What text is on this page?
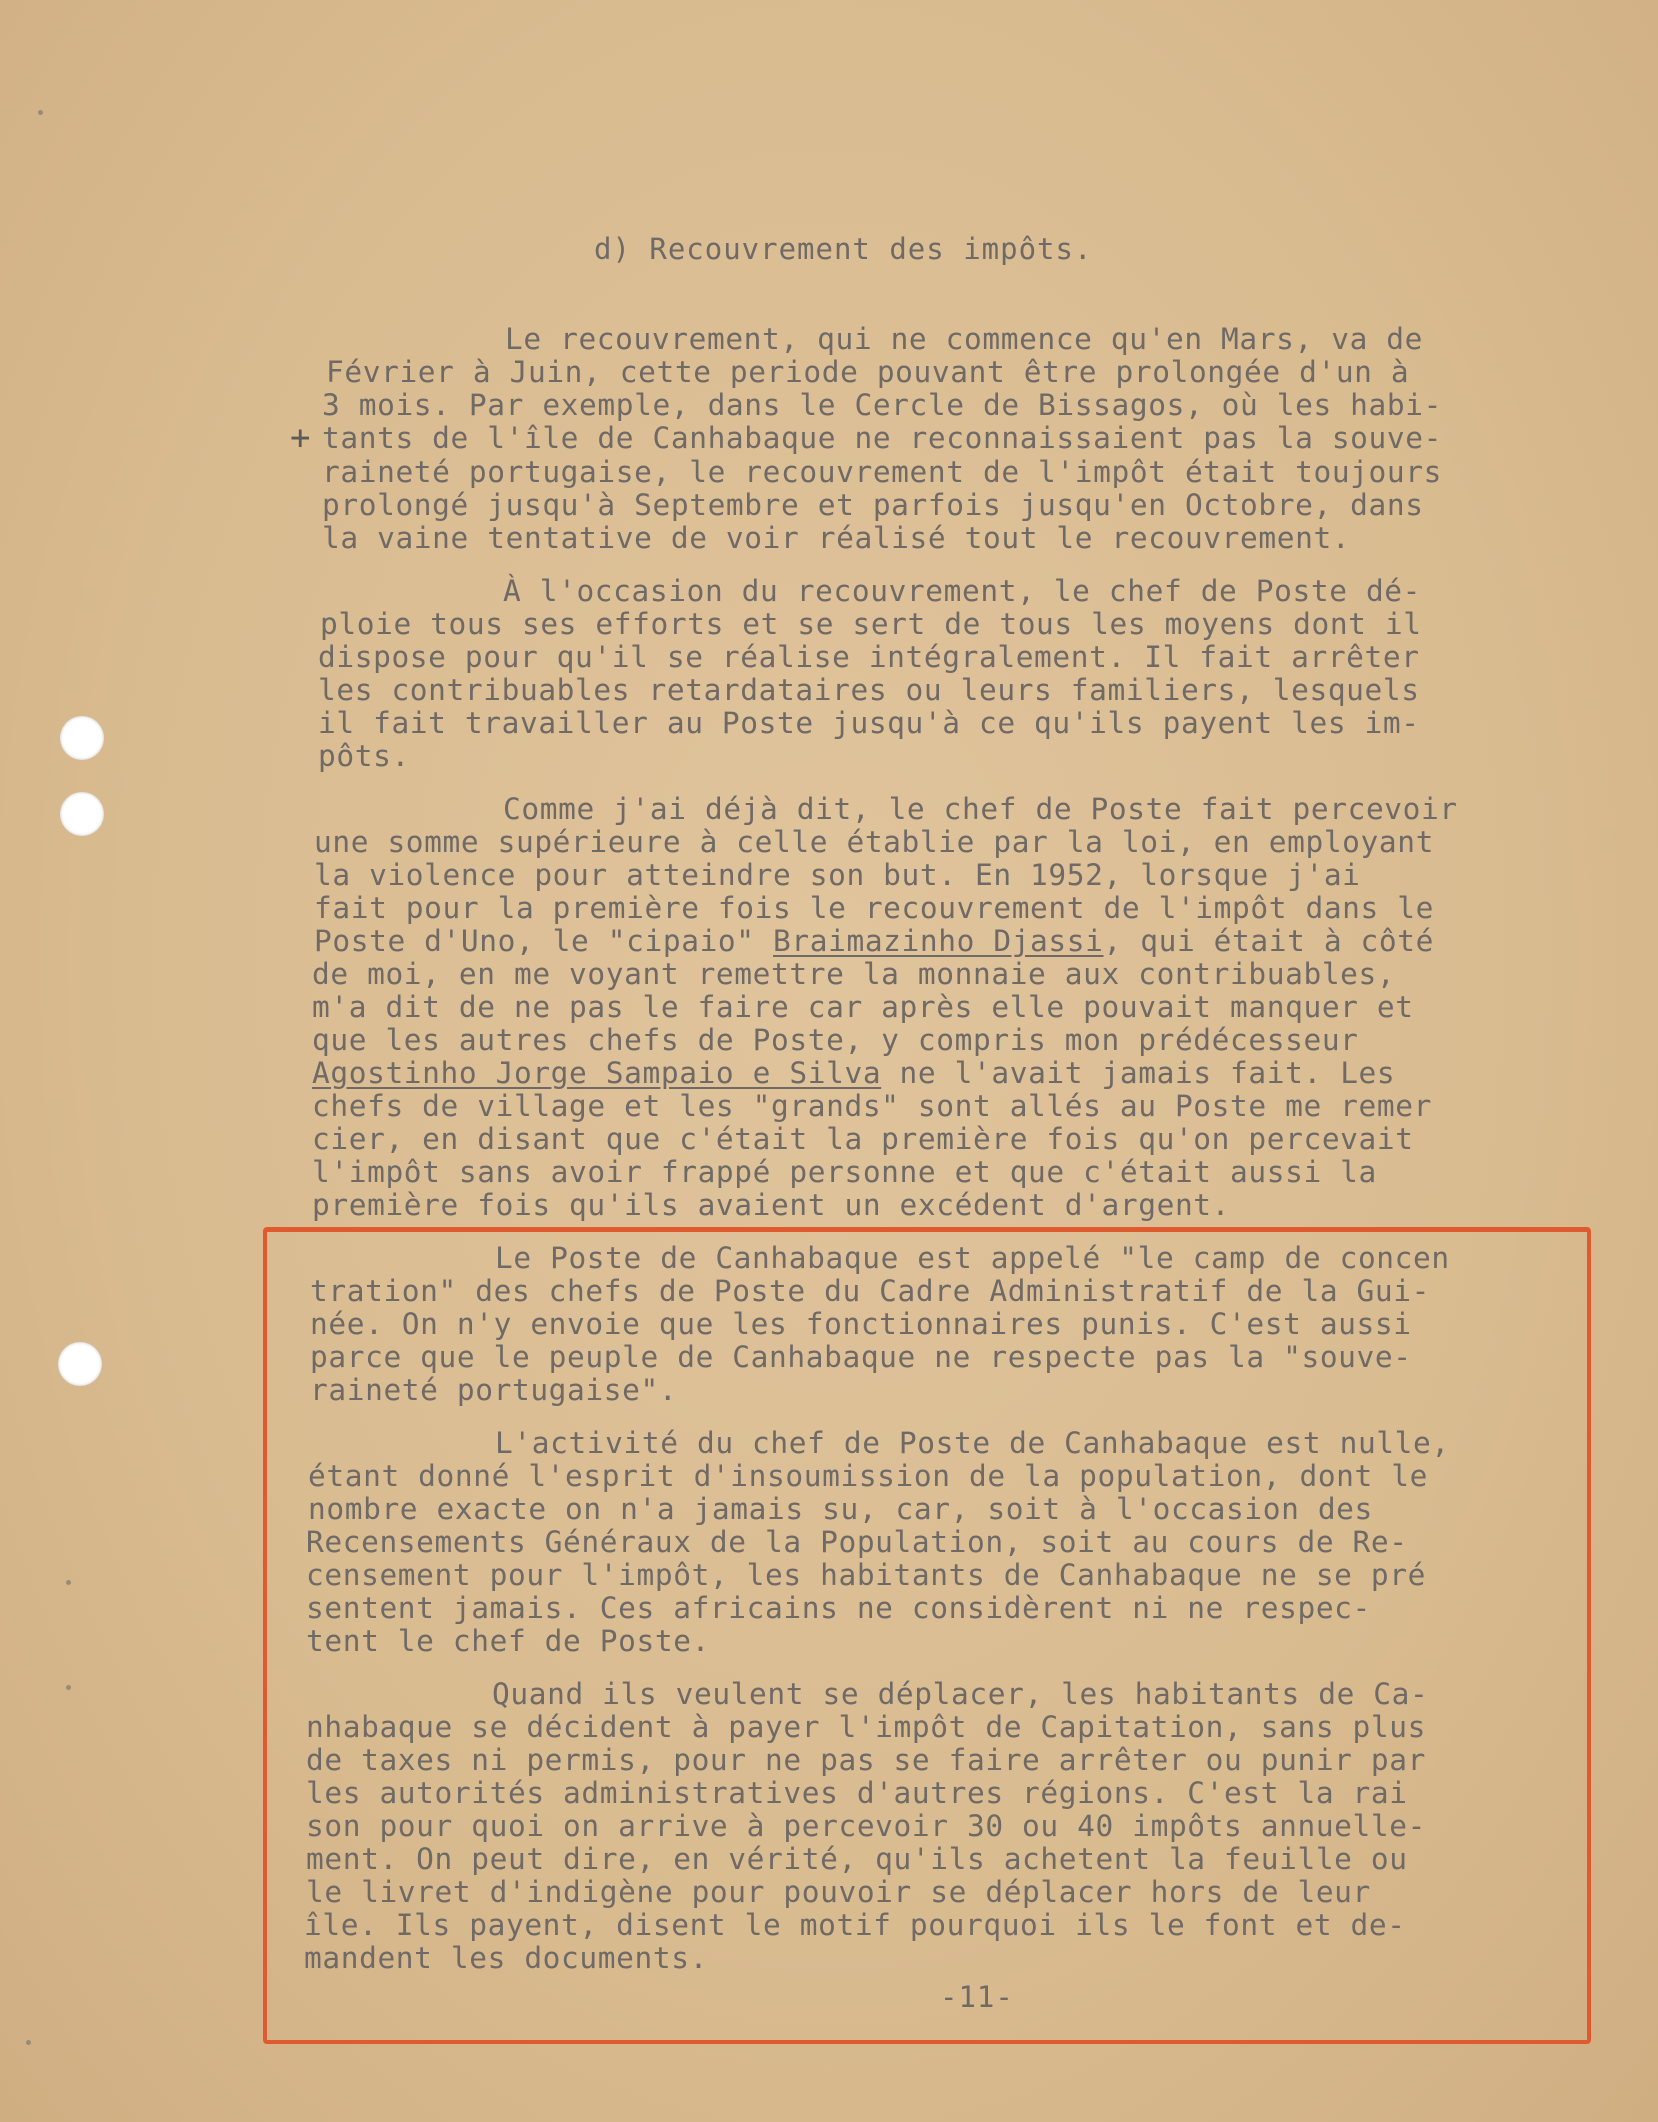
d) Recouvrement des impôts.
+
Le recouvrement, qui ne commence qu'en Mars, va de
Février à Juin, cette periode pouvant être prolongée d'un à
3 mois. Par exemple, dans le Cercle de Bissagos, où les habi-
tants de l'île de Canhabaque ne reconnaissaient pas la souve-
raineté portugaise, le recouvrement de l'impôt était toujours
prolongé jusqu'à Septembre et parfois jusqu'en Octobre, dans
la vaine tentative de voir réalisé tout le recouvrement.
À l'occasion du recouvrement, le chef de Poste dé-
ploie tous ses efforts et se sert de tous les moyens dont il
dispose pour qu'il se réalise intégralement. Il fait arrêter
les contribuables retardataires ou leurs familiers, lesquels
il fait travailler au Poste jusqu'à ce qu'ils payent les im-
pôts.
Comme j'ai déjà dit, le chef de Poste fait percevoir
une somme supérieure à celle établie par la loi, en employant
la violence pour atteindre son but. En 1952, lorsque j'ai
fait pour la première fois le recouvrement de l'impôt dans le
Poste d'Uno, le "cipaio" Braimazinho Djassi, qui était à côté
de moi, en me voyant remettre la monnaie aux contribuables,
m'a dit de ne pas le faire car après elle pouvait manquer et
que les autres chefs de Poste, y compris mon prédécesseur
Agostinho Jorge Sampaio e Silva ne l'avait jamais fait. Les
chefs de village et les "grands" sont allés au Poste me remer
cier, en disant que c'était la première fois qu'on percevait
l'impôt sans avoir frappé personne et que c'était aussi la
première fois qu'ils avaient un excédent d'argent.
Le Poste de Canhabaque est appelé "le camp de concen
tration" des chefs de Poste du Cadre Administratif de la Gui-
née. On n'y envoie que les fonctionnaires punis. C'est aussi
parce que le peuple de Canhabaque ne respecte pas la "souve-
raineté portugaise".
L'activité du chef de Poste de Canhabaque est nulle,
étant donné l'esprit d'insoumission de la population, dont le
nombre exacte on n'a jamais su, car, soit à l'occasion des
Recensements Généraux de la Population, soit au cours de Re-
censement pour l'impôt, les habitants de Canhabaque ne se pré
sentent jamais. Ces africains ne considèrent ni ne respec-
tent le chef de Poste.
Quand ils veulent se déplacer, les habitants de Ca-
nhabaque se décident à payer l'impôt de Capitation, sans plus
de taxes ni permis, pour ne pas se faire arrêter ou punir par
les autorités administratives d'autres régions. C'est la rai
son pour quoi on arrive à percevoir 30 ou 40 impôts annuelle-
ment. On peut dire, en vérité, qu'ils achetent la feuille ou
le livret d'indigène pour pouvoir se déplacer hors de leur
île. Ils payent, disent le motif pourquoi ils le font et de-
mandent les documents.
-11-
